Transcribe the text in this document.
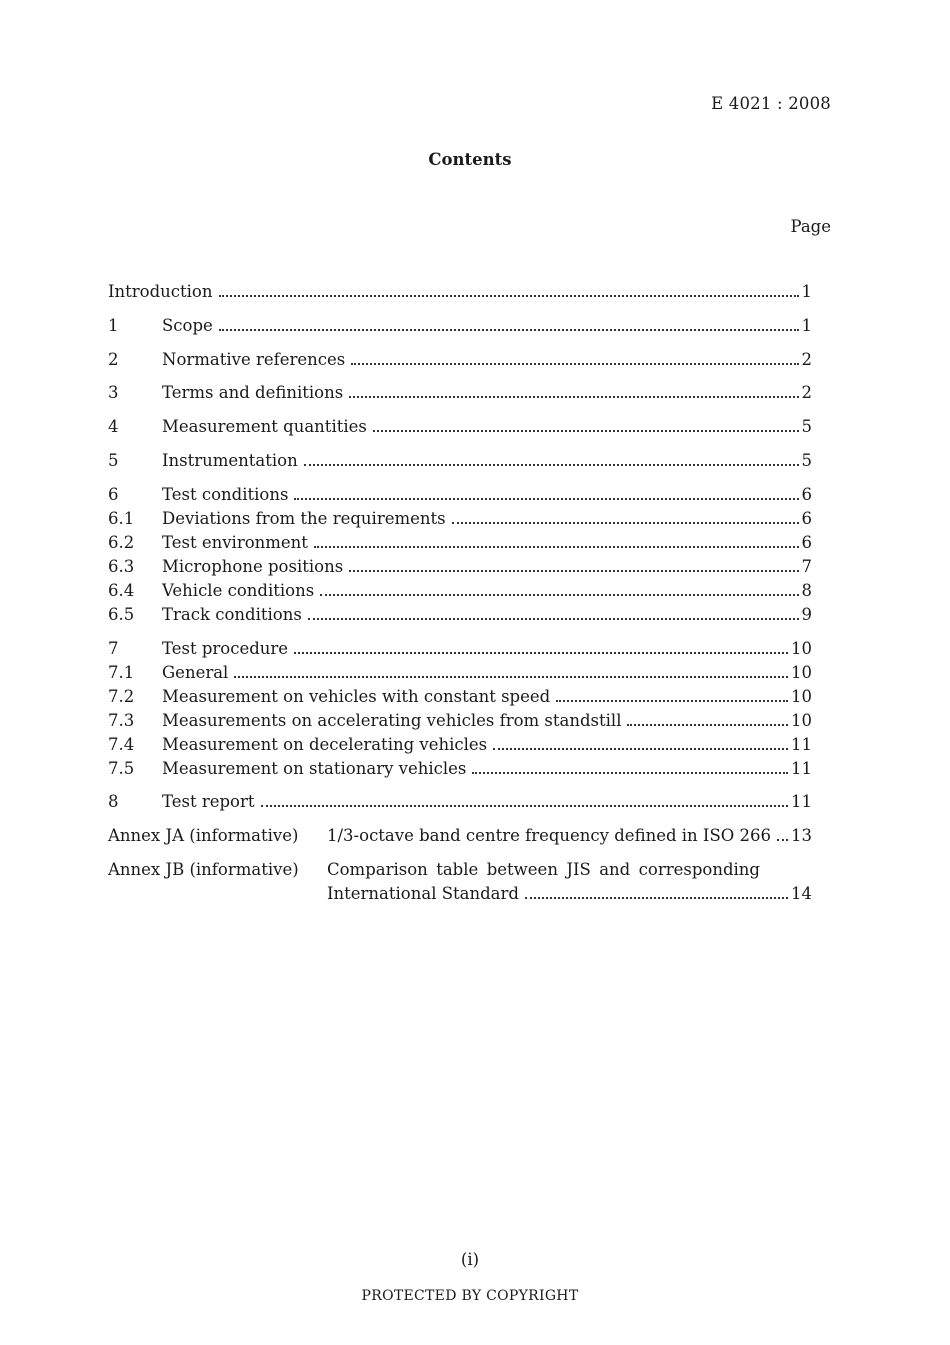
E 4021 : 2008
Contents
Page
Introduction	1
1	Scope	1
2	Normative references	2
3	Terms and definitions	2
4	Measurement quantities	5
5	Instrumentation	5
6	Test conditions	6
6.1	Deviations from the requirements	6
6.2	Test environment	6
6.3	Microphone positions	7
6.4	Vehicle conditions	8
6.5	Track conditions	9
7	Test procedure	10
7.1	General	10
7.2	Measurement on vehicles with constant speed	10
7.3	Measurements on accelerating vehicles from standstill	10
7.4	Measurement on decelerating vehicles	11
7.5	Measurement on stationary vehicles	11
8	Test report	11
Annex JA (informative)	1/3-octave band centre frequency defined in ISO 266 13
Annex JB (informative)	Comparison table between JIS and corresponding
International Standard	14
(i)
PROTECTED BY COPYRIGHT
